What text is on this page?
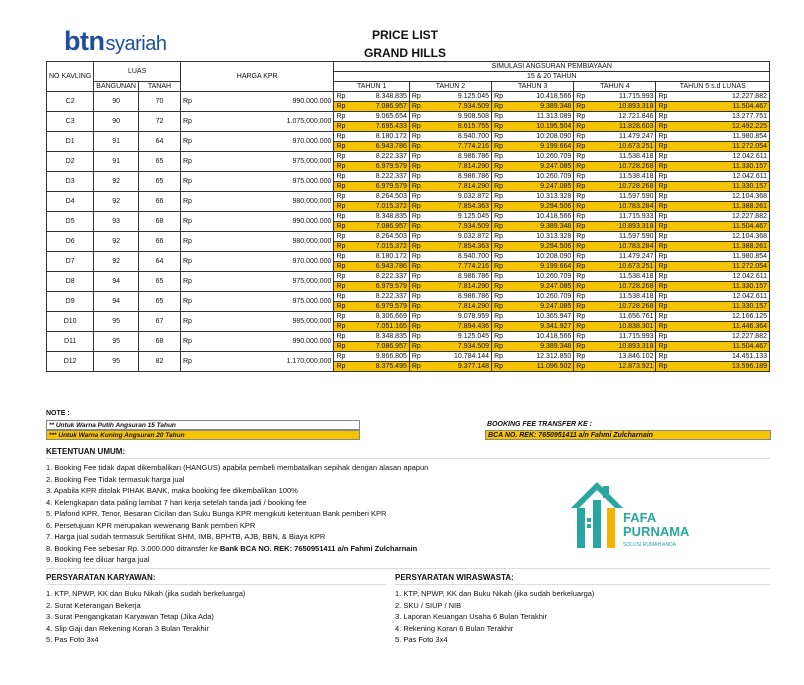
btnsyariah	PRICE LIST
GRAND HILLS
NO KAVLING	LUAS		HARGA KPR		SIMULASI ANGSURAN PEMBIAYAAN									
					15 & 20 TAHUN									
	BANGUNAN	TANAH			TAHUN 1		TAHUN 2		TAHUN 3		TAHUN 4		TAHUN 5 s.d LUNAS	
C2	90	70	Rp	990.000.000	Rp	8.348.835	Rp	9.125.045	Rp	10.418.566	Rp	11.715.993	Rp	12.227.882
					Rp	7.086.957	Rp	7.934.509	Rp	9.389.348	Rp	10.893.318	Rp	11.504.467
C3	90	72	Rp	1.075.000.000	Rp	9.065.654	Rp	9.908.508	Rp	11.313.089	Rp	12.721.846	Rp	13.277.751
					Rp	7.695.433	Rp	8.615.755	Rp	10.195.504	Rp	11.828.603	Rp	12.492.225
D1	91	64	Rp	970.000.000	Rp	8.180.172	Rp	8.940.700	Rp	10.208.090	Rp	11.479.247	Rp	11.980.854
					Rp	6.943.786	Rp	7.774.216	Rp	9.199.664	Rp	10.673.251	Rp	11.272.054
D2	91	65	Rp	975.000.000	Rp	8.222.337	Rp	8.986.786	Rp	10.260.709	Rp	11.538.418	Rp	12.042.611
					Rp	6.979.579	Rp	7.814.290	Rp	9.247.085	Rp	10.728.268	Rp	11.330.157
D3	92	65	Rp	975.000.000	Rp	8.222.337	Rp	8.986.786	Rp	10.260.709	Rp	11.538.418	Rp	12.042.611
					Rp	6.979.579	Rp	7.814.290	Rp	9.247.085	Rp	10.728.268	Rp	11.330.157
D4	92	66	Rp	980.000.000	Rp	8.264.503	Rp	9.032.872	Rp	10.313.328	Rp	11.597.590	Rp	12.104.368
					Rp	7.015.372	Rp	7.854.363	Rp	9.294.506	Rp	10.783.284	Rp	11.388.261
D5	93	68	Rp	990.000.000	Rp	8.348.835	Rp	9.125.045	Rp	10.418.566	Rp	11.715.933	Rp	12.227.882
					Rp	7.086.957	Rp	7.934.509	Rp	9.389.348	Rp	10.893.318	Rp	11.504.467
D6	92	66	Rp	980.000.000	Rp	8.264.503	Rp	9.032.872	Rp	10.313.328	Rp	11.597.590	Rp	12.104.368
					Rp	7.015.372	Rp	7.854.363	Rp	9.294.506	Rp	10.783.284	Rp	11.388.261
D7	92	64	Rp	970.000.000	Rp	8.180.172	Rp	8.940.700	Rp	10.208.090	Rp	11.479.247	Rp	11.980.854
					Rp	6.943.786	Rp	7.774.216	Rp	9.199.664	Rp	10.673.251	Rp	11.272.054
D8	94	65	Rp	975.000.000	Rp	8.222.337	Rp	8.986.786	Rp	10.260.709	Rp	11.538.418	Rp	12.042.611
					Rp	6.979.579	Rp	7.814.290	Rp	9.247.085	Rp	10.728.268	Rp	11.330.157
D9	94	65	Rp	975.000.000	Rp	8.222.337	Rp	8.986.786	Rp	10.260.709	Rp	11.538.418	Rp	12.042.611
					Rp	6.979.579	Rp	7.814.290	Rp	9.247.085	Rp	10.728.268	Rp	11.330.157
D10	95	67	Rp	985.000.000	Rp	8.306.669	Rp	9.078.959	Rp	10.365.947	Rp	11.656.761	Rp	12.166.125
					Rp	7.051.165	Rp	7.894.436	Rp	9.341.927	Rp	10.838.301	Rp	11.446.364
D11	95	68	Rp	990.000.000	Rp	8.348.835	Rp	9.125.045	Rp	10.418.566	Rp	11.715.993	Rp	12.227.882
					Rp	7.086.957	Rp	7.934.509	Rp	9.389.348	Rp	10.893.318	Rp	11.504.467
D12	95	82	Rp	1.170.000.000	Rp	9.866.805	Rp	10.784.144	Rp	12.312.850	Rp	13.846.102	Rp	14.451.133
					Rp	8.375.495	Rp	9.377.148	Rp	11.096.502	Rp	12.873.921	Rp	13.596.189
NOTE :
** Untuk Warna Putih Angsuran 15 Tahun
*** Untuk Warna Kuning Angsuran 20 Tahun
BOOKING FEE TRANSFER KE :
BCA NO. REK: 7650951411 a/n Fahmi Zulcharnain
KETENTUAN UMUM:
1. Booking Fee tidak dapat dikembalikan (HANGUS) apabila pembeli membatalkan sepihak dengan alasan apapun
2. Booking Fee Tidak termasuk harga jual
3. Apabila KPR ditolak PIHAK BANK, maka booking fee dikembalikan 100%
4. Kelengkapan data paling lambat 7 hari kerja setelah tanda jadi / booking fee
5. Plafond KPR, Tenor, Besaran Cicilan dan Suku Bunga KPR mengikuti ketentuan Bank pemberi KPR
6. Persetujuan KPR merupakan wewenang Bank pemberi KPR
7. Harga jual sudah termasuk Sertifikat SHM, IMB, BPHTB, AJB, BBN, & Biaya KPR
8. Booking Fee sebesar Rp. 3.000.000 ditransfer ke Bank BCA NO. REK: 7650951411 a/n Fahmi Zulcharnain
9. Booking fee diluar harga jual
PERSYARATAN KARYAWAN:
1. KTP, NPWP, KK dan Buku Nikah (jika sudah berkeluarga)
2. Surat Keterangan Bekerja
3. Surat Pengangkatan Karyawan Tetap (Jika Ada)
4. Slip Gaji dan Rekening Koran 3 Bulan Terakhir
5. Pas Foto 3x4
PERSYARATAN WIRASWASTA:
1. KTP, NPWP, KK dan Buku Nikah (jika sudah berkeluarga)
2. SKU / SIUP / NIB
3. Laporan Keuangan Usaha 6 Bulan Terakhir
4. Rekening Koran 6 Bulan Terakhir
5. Pas Foto 3x4
FAFA
PURNAMA
SOLUSI RUMAH ANDA
